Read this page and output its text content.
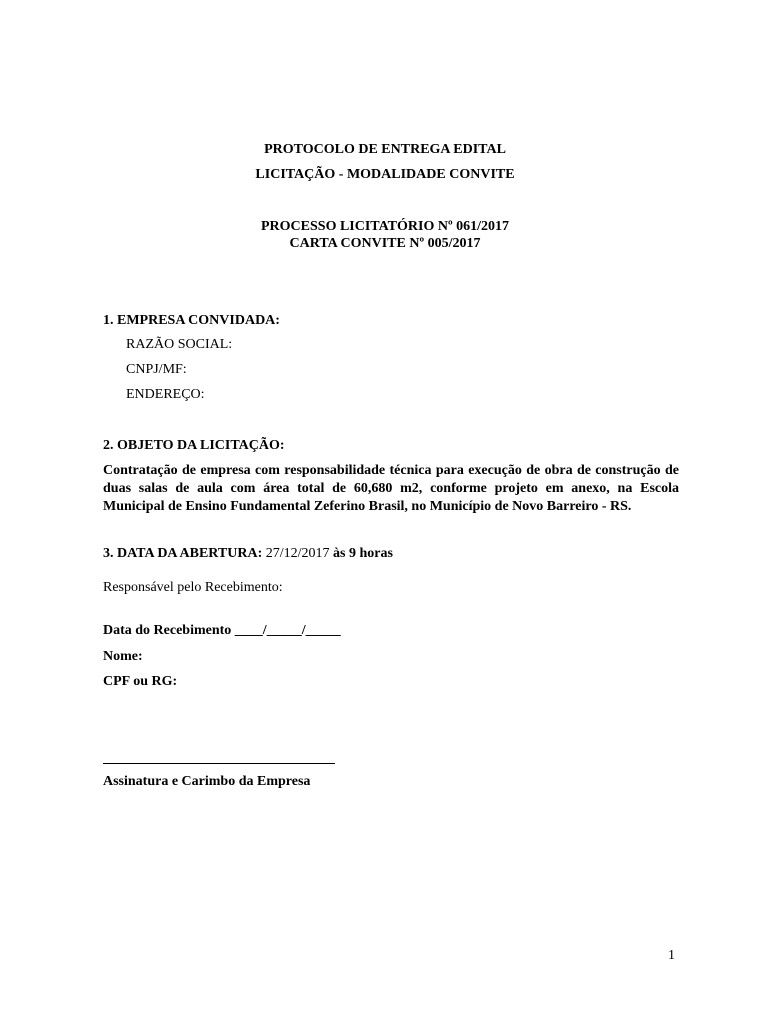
PROTOCOLO DE ENTREGA EDITAL
LICITAÇÃO - MODALIDADE CONVITE
PROCESSO LICITATÓRIO Nº 061/2017
CARTA CONVITE Nº 005/2017
1. EMPRESA CONVIDADA:
RAZÃO SOCIAL:
CNPJ/MF:
ENDEREÇO:
2. OBJETO DA LICITAÇÃO:
Contratação de empresa com responsabilidade técnica para execução de obra de construção de duas salas de aula com área total de 60,680 m2, conforme projeto em anexo, na Escola Municipal de Ensino Fundamental Zeferino Brasil, no Município de Novo Barreiro - RS.
3. DATA DA ABERTURA: 27/12/2017 às 9 horas
Responsável pelo Recebimento:
Data do Recebimento ____/_____/_____
Nome:
CPF ou RG:
Assinatura e Carimbo da Empresa
1
